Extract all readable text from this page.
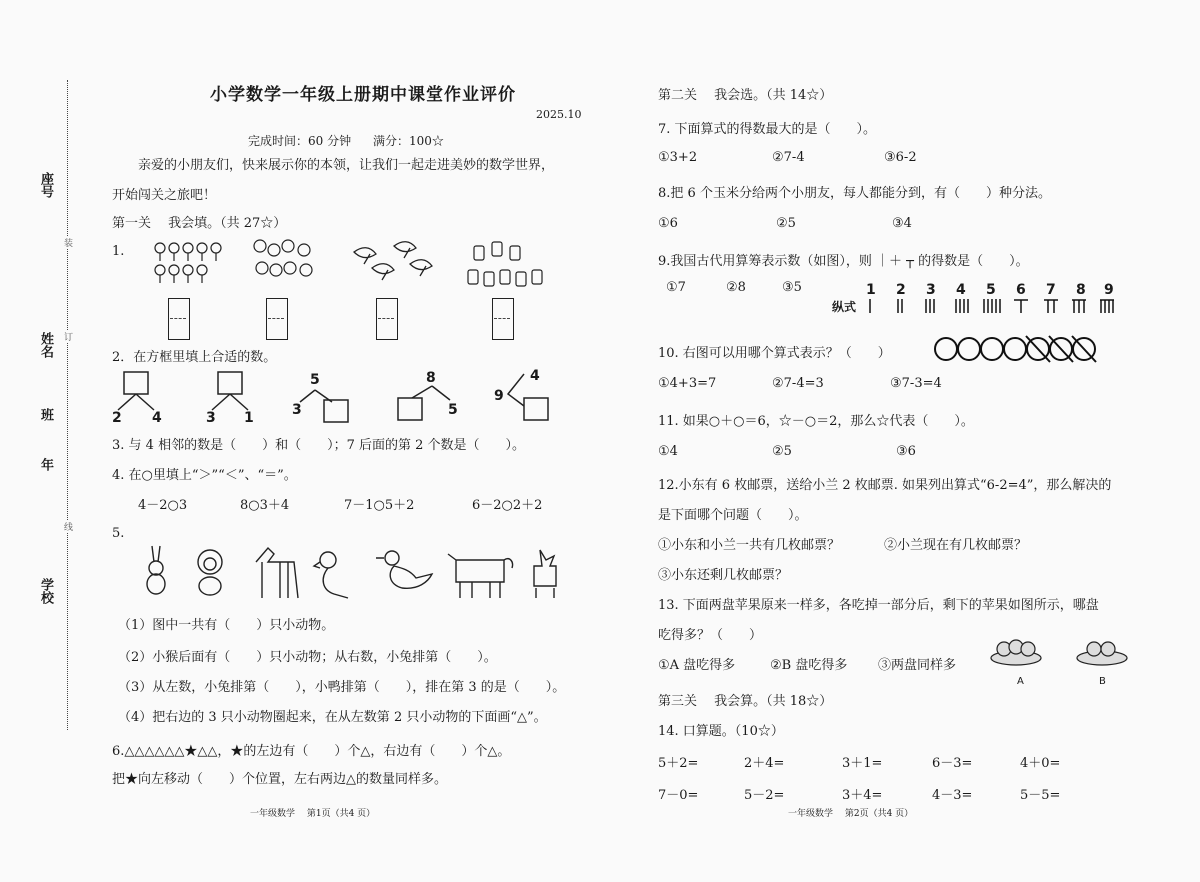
座号
姓名
班
年
学校
装
订
线
小学数学一年级上册期中课堂作业评价
2025.10
完成时间：60 分钟 满分：100☆
亲爱的小朋友们，快来展示你的本领，让我们一起走进美妙的数学世界，
开始闯关之旅吧！
第一关　 我会填。（共 27☆）
1.
2．在方框里填上合适的数。
2 4	3 1
5
3
8
5
9
4
3. 与 4 相邻的数是（　　）和（　　）；7 后面的第 2 个数是（　　）。
4. 在○里填上“＞”“＜”、“＝”。
4－2○3	8○3＋4	7－1○5＋2	6－2○2＋2
5.
（1）图中一共有（　　）只小动物。
（2）小猴后面有（　　）只小动物；从右数，小兔排第（　　）。
（3）从左数，小兔排第（　　），小鸭排第（　　），排在第 3 的是（　　）。
（4）把右边的 3 只小动物圈起来，在从左数第 2 只小动物的下面画“△”。
6.△△△△△△★△△，★的左边有（　　）个△，右边有（　　）个△。
把★向左移动（　　）个位置，左右两边△的数量同样多。
一年级数学　 第1页（共4 页）
第二关　 我会选。（共 14☆）
7. 下面算式的得数最大的是（　　）。
①3+2	②7-4	③6-2
8.把 6 个玉米分给两个小朋友，每人都能分到，有（　　）种分法。
①6	②5	③4
9.我国古代用算筹表示数（如图），则 ｜＋ ┬ 的得数是（　　）。
①7	②8	③5	1 2 3 4 5 6 7 8 9
纵式
10. 右图可以用哪个算式表示？（　　）
①4+3=7	②7-4=3	③7-3=4
11. 如果○＋○＝6，☆－○＝2，那么☆代表（　　）。
①4	②5	③6
12.小东有 6 枚邮票，送给小兰 2 枚邮票. 如果列出算式“6-2=4”，那么解决的
是下面哪个问题（　　）。
①小东和小兰一共有几枚邮票？	②小兰现在有几枚邮票？
③小东还剩几枚邮票？
13. 下面两盘苹果原来一样多，各吃掉一部分后，剩下的苹果如图所示，哪盘
吃得多？（　　）
①A 盘吃得多	②B 盘吃得多 ③两盘同样多
A	B
第三关　 我会算。（共 18☆）
14. 口算题。（10☆）
5＋2=	2＋4=	3＋1=	6－3=	4＋0=
7－0=	5－2=	3＋4=	4－3=	5－5=
一年级数学　 第2页（共4 页）
